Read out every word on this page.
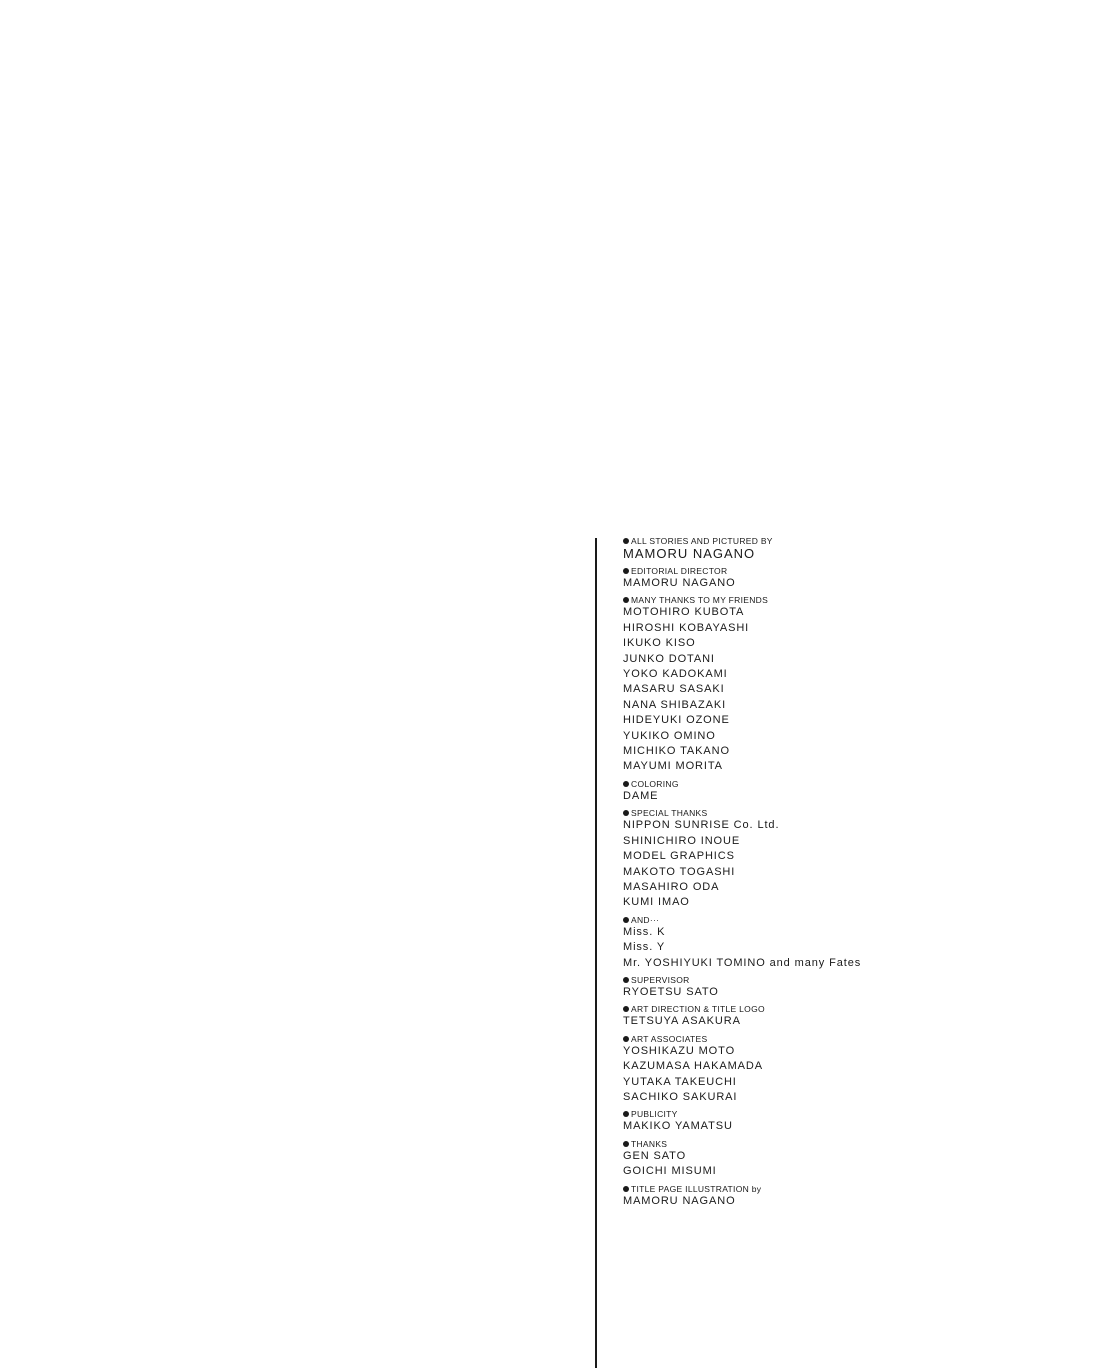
ALL STORIES AND PICTURED BY
MAMORU NAGANO
EDITORIAL DIRECTOR
MAMORU NAGANO
MANY THANKS TO MY FRIENDS
MOTOHIRO KUBOTA
HIROSHI KOBAYASHI
IKUKO KISO
JUNKO DOTANI
YOKO KADOKAMI
MASARU SASAKI
NANA SHIBAZAKI
HIDEYUKI OZONE
YUKIKO OMINO
MICHIKO TAKANO
MAYUMI MORITA
COLORING
DAME
SPECIAL THANKS
NIPPON SUNRISE Co. Ltd.
SHINICHIRO INOUE
MODEL GRAPHICS
MAKOTO TOGASHI
MASAHIRO ODA
KUMI IMAO
AND···
Miss. K
Miss. Y
Mr. YOSHIYUKI TOMINO and many Fates
SUPERVISOR
RYOETSU SATO
ART DIRECTION & TITLE LOGO
TETSUYA ASAKURA
ART ASSOCIATES
YOSHIKAZU MOTO
KAZUMASA HAKAMADA
YUTAKA TAKEUCHI
SACHIKO SAKURAI
PUBLICITY
MAKIKO YAMATSU
THANKS
GEN SATO
GOICHI MISUMI
TITLE PAGE ILLUSTRATION by
MAMORU NAGANO
